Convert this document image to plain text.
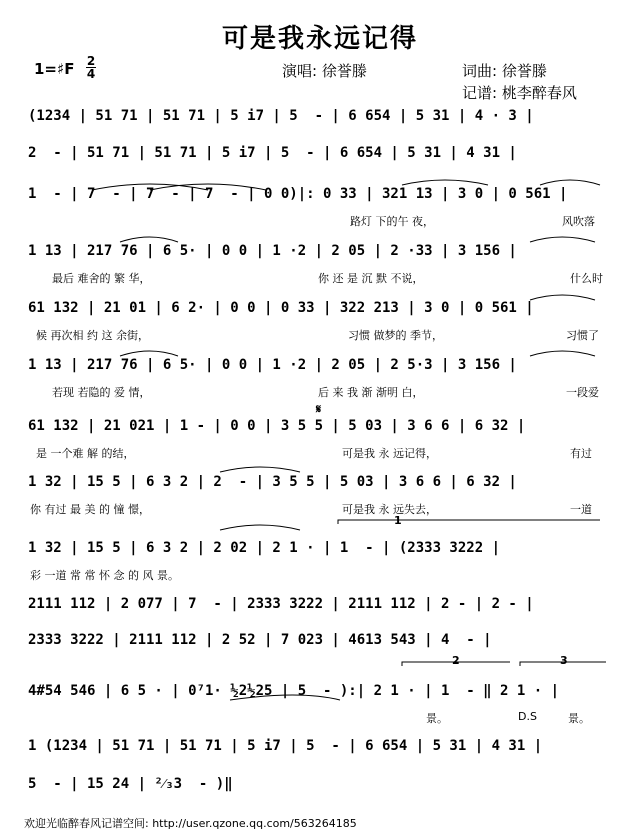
可是我永远记得
1=♯F 2
4	演唱: 徐誉滕	词曲: 徐誉滕
记谱: 桃李醉春风
(1234 | 51 71 | 51 71 | 5 i7 | 5  - | 6 654 | 5 31 | 4 · 3 |
2  - | 51 71 | 51 71 | 5 i7 | 5  - | 6 654 | 5 31 | 4 31 |
1  - | 7  - | 7  - | 7  - | 0 0)|: 0 33 | 321 13 | 3 0 | 0 561 |
1 13 | 217 76 | 6 5· | 0 0 | 1 ·2 | 2 05 | 2 ·33 | 3 156 |
61 132 | 21 01 | 6 2· | 0 0 | 0 33 | 322 213 | 3 0 | 0 561 |
1 13 | 217 76 | 6 5· | 0 0 | 1 ·2 | 2 05 | 2 5·3 | 3 156 |
61 132 | 21 021 | 1 - | 0 0 | 3 5 5 | 5 03 | 3 6 6 | 6 32 |
1 32 | 15 5 | 6 3 2 | 2  - | 3 5 5 | 5 03 | 3 6 6 | 6 32 |
1 32 | 15 5 | 6 3 2 | 2 02 | 2 1 · | 1  - | (2333 3222 |
2111 112 | 2 077 | 7  - | 2333 3222 | 2111 112 | 2 - | 2 - |
2333 3222 | 2111 112 | 2 52 | 7 023 | 4613 543 | 4  - |
4#54 546 | 6 5 · | 0⁷1· ½2½25 | 5  - ):| 2 1 · | 1  - ‖ 2 1 · |
1 (1234 | 51 71 | 51 71 | 5 i7 | 5  - | 6 654 | 5 31 | 4 31 |
5  - | 15 24 | ²⁄₃3  - )‖
路灯 下的午 夜，	风吹落
最后 难舍的 繁 华，	你 还 是 沉 默 不说，	什么时
候 再次相 约 这 余街，	习惯 做梦的 季节，	习惯了
若现 若隐的 爱 情，	后 来 我 渐 渐明 白，	一段爱
是 一个难 解 的结，	可是我 永 远记得，	有过
你 有过 最 美 的 憧 憬，	可是我 永 远失去，	一道
彩 一道 常 常 怀 念 的 风 景。
景。	D.S	景。
1
2	3
𝄋
欢迎光临醉春风记谱空间: http://user.qzone.qq.com/563264185
